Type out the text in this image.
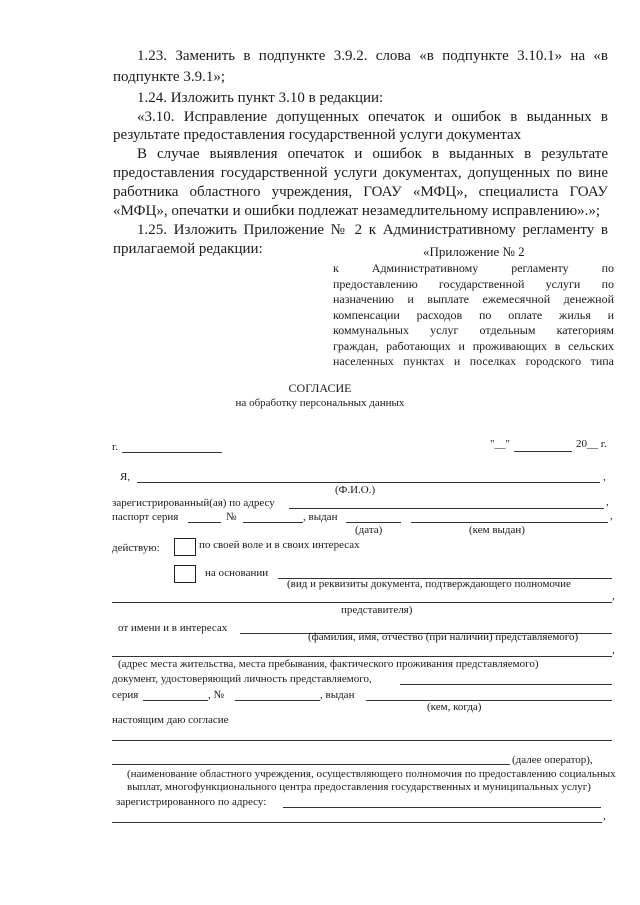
1.23. Заменить в подпункте 3.9.2. слова «в подпункте 3.10.1» на «в
подпункте 3.9.1»;
1.24. Изложить пункт 3.10 в редакции:
«3.10. Исправление допущенных опечаток и ошибок в выданных в
результате предоставления государственной услуги документах
В случае выявления опечаток и ошибок в выданных в результате
предоставления государственной услуги документах, допущенных по вине
работника областного учреждения, ГОАУ «МФЦ», специалиста ГОАУ
«МФЦ», опечатки и ошибки подлежат незамедлительному исправлению».»;
1.25. Изложить Приложение № 2 к Административному регламенту в
прилагаемой редакции:	«Приложение № 2
к Административному регламенту по
предоставлению государственной услуги по
назначению и выплате ежемесячной денежной
компенсации расходов по оплате жилья и
коммунальных услуг отдельным категориям
граждан, работающих и проживающих в сельских
населенных пунктах и поселках городского типа
СОГЛАСИЕ
на обработку персональных данных
г.	"__"	20__ г.
Я,	,
(Ф.И.О.)
зарегистрированный(ая) по адресу	,
паспорт серия	№	, выдан	,
(дата)	(кем выдан)
действую:	по своей воле и в своих интересах
на основании
(вид и реквизиты документа, подтверждающего полномочие
,
представителя)
от имени и в интересах
(фамилия, имя, отчество (при наличии) представляемого)
,
(адрес места жительства, места пребывания, фактического проживания представляемого)
документ, удостоверяющий личность представляемого,
серия	, №	, выдан
(кем, когда)
настоящим даю согласие
(далее оператор),
(наименование областного учреждения, осуществляющего полномочия по предоставлению социальных
выплат, многофункционального центра предоставления государственных и муниципальных услуг)
зарегистрированного по адресу:
,
